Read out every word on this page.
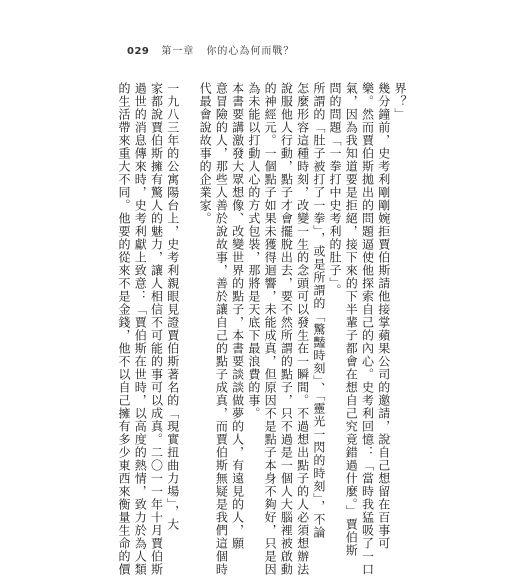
029 第一章 你的心為何而戰？
界？」
幾分鐘前，史考利剛剛婉拒賈伯斯請他接掌蘋果公司的邀請，說自己想留在百事可
樂。然而賈伯斯拋出的問題逼使他探索自己的內心。史考利回憶：「當時我猛吸了一口
氣，因為我知道要是拒絕，接下來的下半輩子都會在想自己究竟錯過什麼。」賈伯斯
問的問題「一拳打中史考利的肚子」。
所謂的「肚子被打了一拳」，或是所謂的「驚豔時刻」、「靈光一閃的時刻」，不論
怎麼形容這種時刻，改變一生的念頭可以發生在一瞬間。不過想出點子的人必須想辦法
說服他人行動，點子才會擺脫出去，要不然所謂的點子，只不過是一個人大腦裡被啟動
的神經元。一個點子如果未獲得迴響，未能成真，但原因不是點子本身不夠好，只是因
為未能以打動人心的方式包裝，那將是天底下最浪費的事。
本書要講激發大眾想像、改變世界的點子，本書要談談做夢的人，有遠見的人，願
意冒險的人，那些人善於說故事，善於讓自己的點子成真，而賈伯斯無疑是我們這個時
代最會說故事的企業家。
一九八三年的公寓陽台上，史考利親眼見證賈伯斯著名的「現實扭曲力場」，大
家都說賈伯斯擁有驚人的魅力，讓人相信不可能的事可以成真。二〇一一年十月賈伯斯
過世的消息傳來時，史考利獻上致意：「賈伯斯在世時，以高度的熱情，致力於為人類
的生活帶來重大不同。他要的從來不是金錢，他不以自己擁有多少東西來衡量生命的價
